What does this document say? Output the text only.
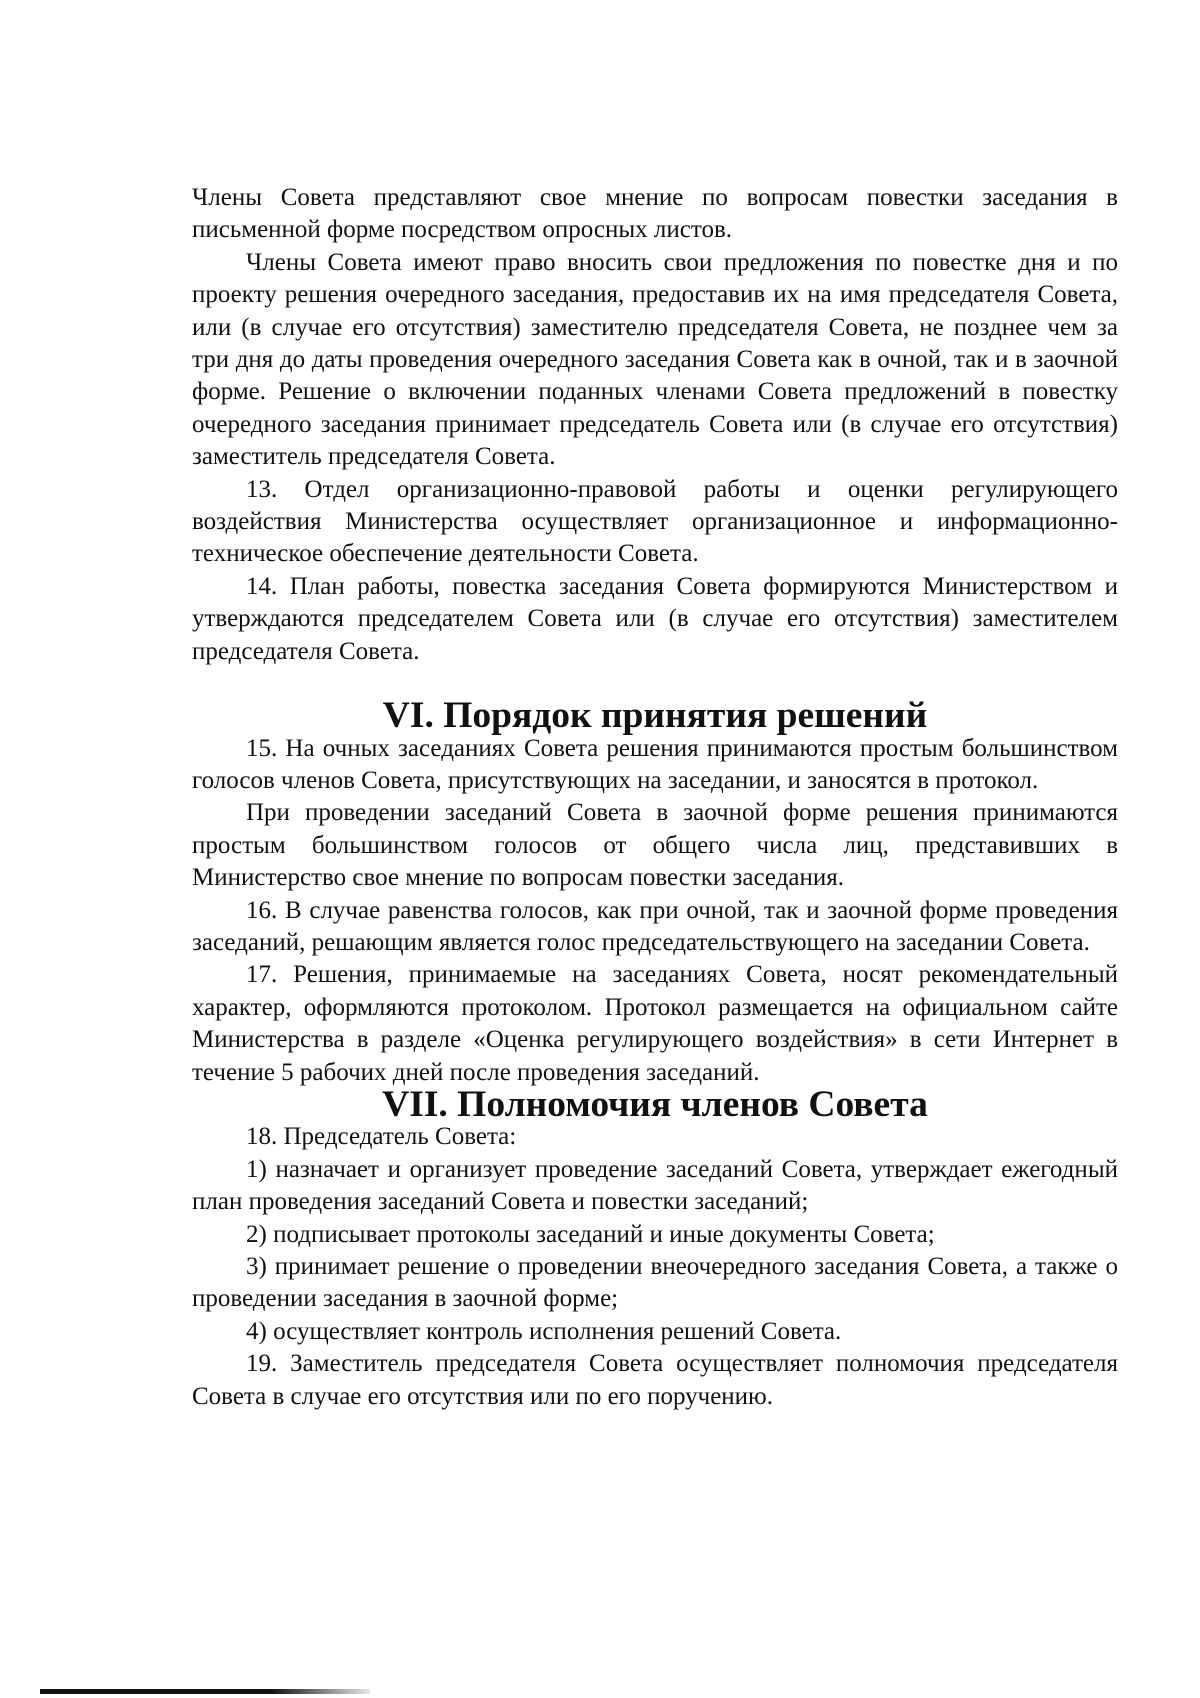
Члены Совета представляют свое мнение по вопросам повестки заседания в письменной форме посредством опросных листов.

Члены Совета имеют право вносить свои предложения по повестке дня и по проекту решения очередного заседания, предоставив их на имя председателя Совета, или (в случае его отсутствия) заместителю председателя Совета, не позднее чем за три дня до даты проведения очередного заседания Совета как в очной, так и в заочной форме. Решение о включении поданных членами Совета предложений в повестку очередного заседания принимает председатель Совета или (в случае его отсутствия) заместитель председателя Совета.

13. Отдел организационно-правовой работы и оценки регулирующего воздействия Министерства осуществляет организационное и информационно-техническое обеспечение деятельности Совета.

14. План работы, повестка заседания Совета формируются Министерством и утверждаются председателем Совета или (в случае его отсутствия) заместителем председателя Совета.

VI. Порядок принятия решений

15. На очных заседаниях Совета решения принимаются простым большинством голосов членов Совета, присутствующих на заседании, и заносятся в протокол.

При проведении заседаний Совета в заочной форме решения принимаются простым большинством голосов от общего числа лиц, представивших в Министерство свое мнение по вопросам повестки заседания.

16. В случае равенства голосов, как при очной, так и заочной форме проведения заседаний, решающим является голос председательствующего на заседании Совета.

17. Решения, принимаемые на заседаниях Совета, носят рекомендательный характер, оформляются протоколом. Протокол размещается на официальном сайте Министерства в разделе «Оценка регулирующего воздействия» в сети Интернет в течение 5 рабочих дней после проведения заседаний.

VII. Полномочия членов Совета

18. Председатель Совета:

1) назначает и организует проведение заседаний Совета, утверждает ежегодный план проведения заседаний Совета и повестки заседаний;

2) подписывает протоколы заседаний и иные документы Совета;

3) принимает решение о проведении внеочередного заседания Совета, а также о проведении заседания в заочной форме;

4) осуществляет контроль исполнения решений Совета.

19. Заместитель председателя Совета осуществляет полномочия председателя Совета в случае его отсутствия или по его поручению.
